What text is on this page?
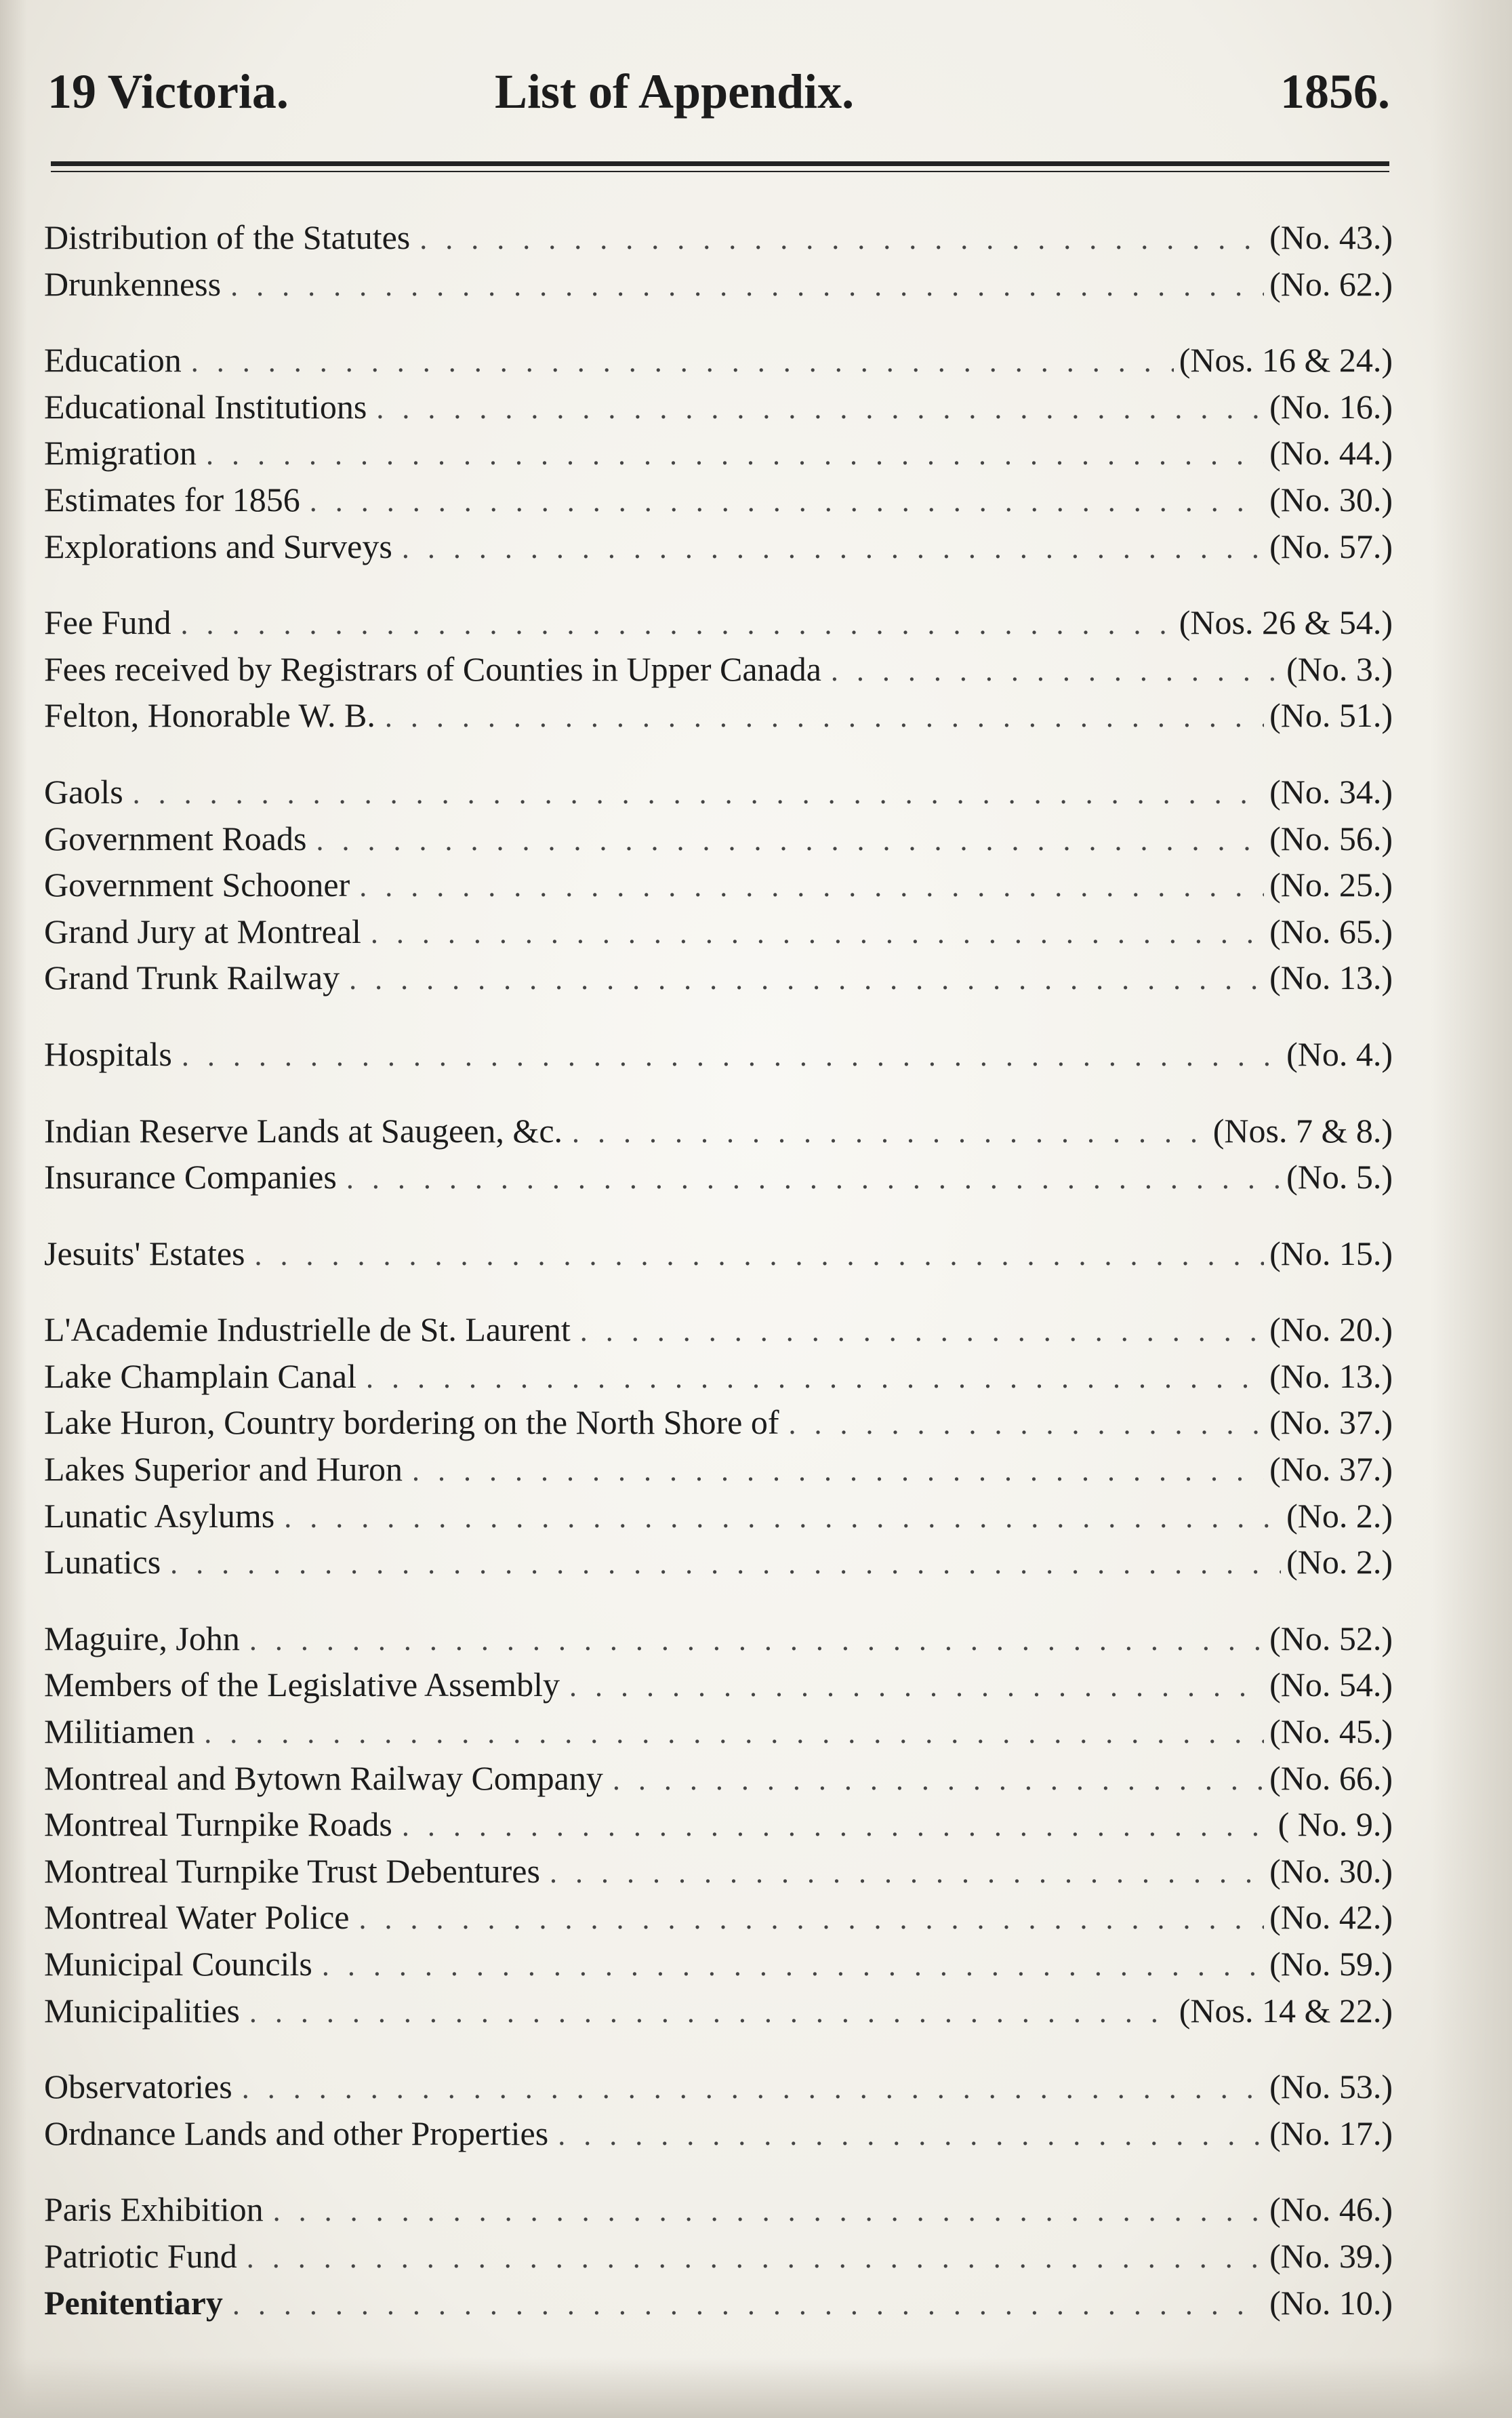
19 Victoria.	List of Appendix.	1856.
Distribution of the Statutes . . .	(No. 43.)
Drunkenness . . .	(No. 62.)
Education . . .	(Nos. 16 & 24.)
Educational Institutions . . .	(No. 16.)
Emigration . . .	(No. 44.)
Estimates for 1856 . . .	(No. 30.)
Explorations and Surveys . . .	(No. 57.)
Fee Fund . . .	(Nos. 26 & 54.)
Fees received by Registrars of Counties in Upper Canada . . .	(No. 3.)
Felton, Honorable W. B. . . .	(No. 51.)
Gaols . . .	(No. 34.)
Government Roads . . .	(No. 56.)
Government Schooner . . .	(No. 25.)
Grand Jury at Montreal . . .	(No. 65.)
Grand Trunk Railway . . .	(No. 13.)
Hospitals . . .	(No. 4.)
Indian Reserve Lands at Saugeen, &c. . . .	(Nos. 7 & 8.)
Insurance Companies . . .	(No. 5.)
Jesuits' Estates . . .	(No. 15.)
L'Academie Industrielle de St. Laurent . . .	(No. 20.)
Lake Champlain Canal . . .	(No. 13.)
Lake Huron, Country bordering on the North Shore of . . .	(No. 37.)
Lakes Superior and Huron . . .	(No. 37.)
Lunatic Asylums . . .	(No. 2.)
Lunatics . . .	(No. 2.)
Maguire, John . . .	(No. 52.)
Members of the Legislative Assembly . . .	(No. 54.)
Militiamen . . .	(No. 45.)
Montreal and Bytown Railway Company . . .	(No. 66.)
Montreal Turnpike Roads . . .	( No. 9.)
Montreal Turnpike Trust Debentures . . .	(No. 30.)
Montreal Water Police . . .	(No. 42.)
Municipal Councils . . .	(No. 59.)
Municipalities . . .	(Nos. 14 & 22.)
Observatories . . .	(No. 53.)
Ordnance Lands and other Properties . . .	(No. 17.)
Paris Exhibition . . .	(No. 46.)
Patriotic Fund . . .	(No. 39.)
Penitentiary . . .	(No. 10.)
